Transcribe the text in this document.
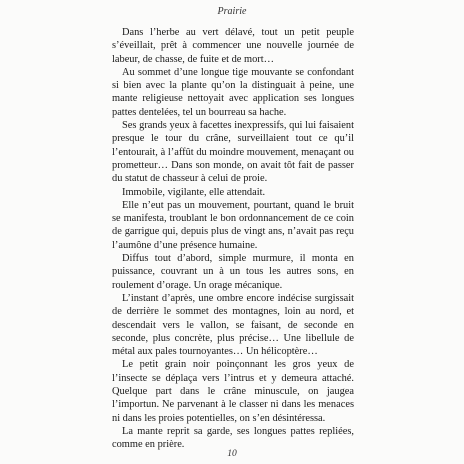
Prairie

Dans l’herbe au vert délavé, tout un petit peuple s’éveillait, prêt à commencer une nouvelle journée de labeur, de chasse, de fuite et de mort…

Au sommet d’une longue tige mouvante se confondant si bien avec la plante qu’on la distinguait à peine, une mante religieuse nettoyait avec application ses longues pattes dentelées, tel un bourreau sa hache.

Ses grands yeux à facettes inexpressifs, qui lui faisaient presque le tour du crâne, surveillaient tout ce qu’il l’entourait, à l’affût du moindre mouvement, menaçant ou prometteur… Dans son monde, on avait tôt fait de passer du statut de chasseur à celui de proie.

Immobile, vigilante, elle attendait.

Elle n’eut pas un mouvement, pourtant, quand le bruit se manifesta, troublant le bon ordonnancement de ce coin de garrigue qui, depuis plus de vingt ans, n’avait pas reçu l’aumône d’une présence humaine.

Diffus tout d’abord, simple murmure, il monta en puissance, couvrant un à un tous les autres sons, en roulement d’orage. Un orage mécanique.

L’instant d’après, une ombre encore indécise surgissait de derrière le sommet des montagnes, loin au nord, et descendait vers le vallon, se faisant, de seconde en seconde, plus concrète, plus précise… Une libellule de métal aux pales tournoyantes… Un hélicoptère…

Le petit grain noir poinçonnant les gros yeux de l’insecte se déplaça vers l’intrus et y demeura attaché. Quelque part dans le crâne minuscule, on jaugea l’importun. Ne parvenant à le classer ni dans les menaces ni dans les proies potentielles, on s’en désintéressa.

La mante reprit sa garde, ses longues pattes repliées, comme en prière.

10
